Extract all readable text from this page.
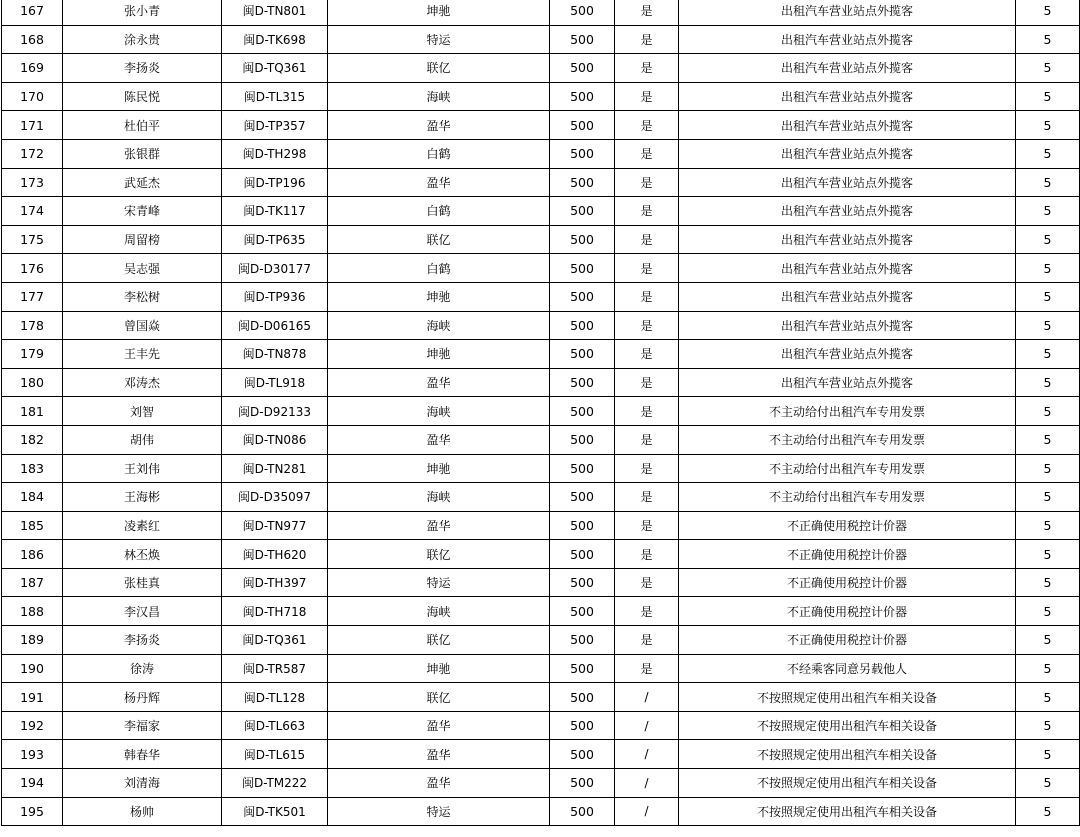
167	张小青	闽D-TN801	坤驰	500	是	出租汽车营业站点外揽客	5
168	涂永贵	闽D-TK698	特运	500	是	出租汽车营业站点外揽客	5
169	李扬炎	闽D-TQ361	联亿	500	是	出租汽车营业站点外揽客	5
170	陈民悦	闽D-TL315	海峡	500	是	出租汽车营业站点外揽客	5
171	杜伯平	闽D-TP357	盈华	500	是	出租汽车营业站点外揽客	5
172	张银群	闽D-TH298	白鹤	500	是	出租汽车营业站点外揽客	5
173	武延杰	闽D-TP196	盈华	500	是	出租汽车营业站点外揽客	5
174	宋青峰	闽D-TK117	白鹤	500	是	出租汽车营业站点外揽客	5
175	周留榜	闽D-TP635	联亿	500	是	出租汽车营业站点外揽客	5
176	吴志强	闽D-D30177	白鹤	500	是	出租汽车营业站点外揽客	5
177	李松树	闽D-TP936	坤驰	500	是	出租汽车营业站点外揽客	5
178	曾国焱	闽D-D06165	海峡	500	是	出租汽车营业站点外揽客	5
179	王丰先	闽D-TN878	坤驰	500	是	出租汽车营业站点外揽客	5
180	邓涛杰	闽D-TL918	盈华	500	是	出租汽车营业站点外揽客	5
181	刘智	闽D-D92133	海峡	500	是	不主动给付出租汽车专用发票	5
182	胡伟	闽D-TN086	盈华	500	是	不主动给付出租汽车专用发票	5
183	王刘伟	闽D-TN281	坤驰	500	是	不主动给付出租汽车专用发票	5
184	王海彬	闽D-D35097	海峡	500	是	不主动给付出租汽车专用发票	5
185	凌素红	闽D-TN977	盈华	500	是	不正确使用税控计价器	5
186	林丕焕	闽D-TH620	联亿	500	是	不正确使用税控计价器	5
187	张桂真	闽D-TH397	特运	500	是	不正确使用税控计价器	5
188	李汉昌	闽D-TH718	海峡	500	是	不正确使用税控计价器	5
189	李扬炎	闽D-TQ361	联亿	500	是	不正确使用税控计价器	5
190	徐涛	闽D-TR587	坤驰	500	是	不经乘客同意另载他人	5
191	杨丹辉	闽D-TL128	联亿	500	/	不按照规定使用出租汽车相关设备	5
192	李福家	闽D-TL663	盈华	500	/	不按照规定使用出租汽车相关设备	5
193	韩春华	闽D-TL615	盈华	500	/	不按照规定使用出租汽车相关设备	5
194	刘清海	闽D-TM222	盈华	500	/	不按照规定使用出租汽车相关设备	5
195	杨帅	闽D-TK501	特运	500	/	不按照规定使用出租汽车相关设备	5
